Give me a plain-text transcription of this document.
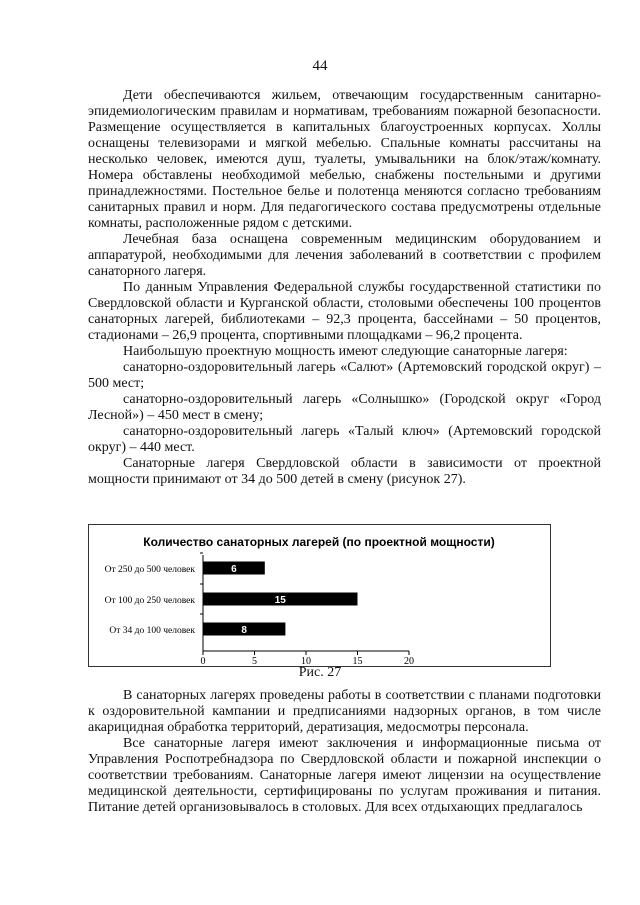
44

Дети обеспечиваются жильем, отвечающим государственным санитарно-эпидемиологическим правилам и нормативам, требованиям пожарной безопасности. Размещение осуществляется в капитальных благоустроенных корпусах. Холлы оснащены телевизорами и мягкой мебелью. Спальные комнаты рассчитаны на несколько человек, имеются душ, туалеты, умывальники на блок/этаж/комнату. Номера обставлены необходимой мебелью, снабжены постельными и другими принадлежностями. Постельное белье и полотенца меняются согласно требованиям санитарных правил и норм. Для педагогического состава предусмотрены отдельные комнаты, расположенные рядом с детскими.

Лечебная база оснащена современным медицинским оборудованием и аппаратурой, необходимыми для лечения заболеваний в соответствии с профилем санаторного лагеря.

По данным Управления Федеральной службы государственной статистики по Свердловской области и Курганской области, столовыми обеспечены 100 процентов санаторных лагерей, библиотеками – 92,3 процента, бассейнами – 50 процентов, стадионами – 26,9 процента, спортивными площадками – 96,2 процента.

Наибольшую проектную мощность имеют следующие санаторные лагеря:

санаторно-оздоровительный лагерь «Салют» (Артемовский городской округ) – 500 мест;

санаторно-оздоровительный лагерь «Солнышко» (Городской округ «Город Лесной») – 450 мест в смену;

санаторно-оздоровительный лагерь «Талый ключ» (Артемовский городской округ) – 440 мест.

Санаторные лагеря Свердловской области в зависимости от проектной мощности принимают от 34 до 500 детей в смену (рисунок 27).

Количество санаторных лагерей (по проектной мощности)
0	5	10	15	20
От 250 до 500 человек	6
От 100 до 250 человек	15
От 34 до 100 человек	8
Рис. 27

В санаторных лагерях проведены работы в соответствии с планами подготовки к оздоровительной кампании и предписаниями надзорных органов, в том числе акарицидная обработка территорий, дератизация, медосмотры персонала.

Все санаторные лагеря имеют заключения и информационные письма от Управления Роспотребнадзора по Свердловской области и пожарной инспекции о соответствии требованиям. Санаторные лагеря имеют лицензии на осуществление медицинской деятельности, сертифицированы по услугам проживания и питания. Питание детей организовывалось в столовых. Для всех отдыхающих предлагалось
